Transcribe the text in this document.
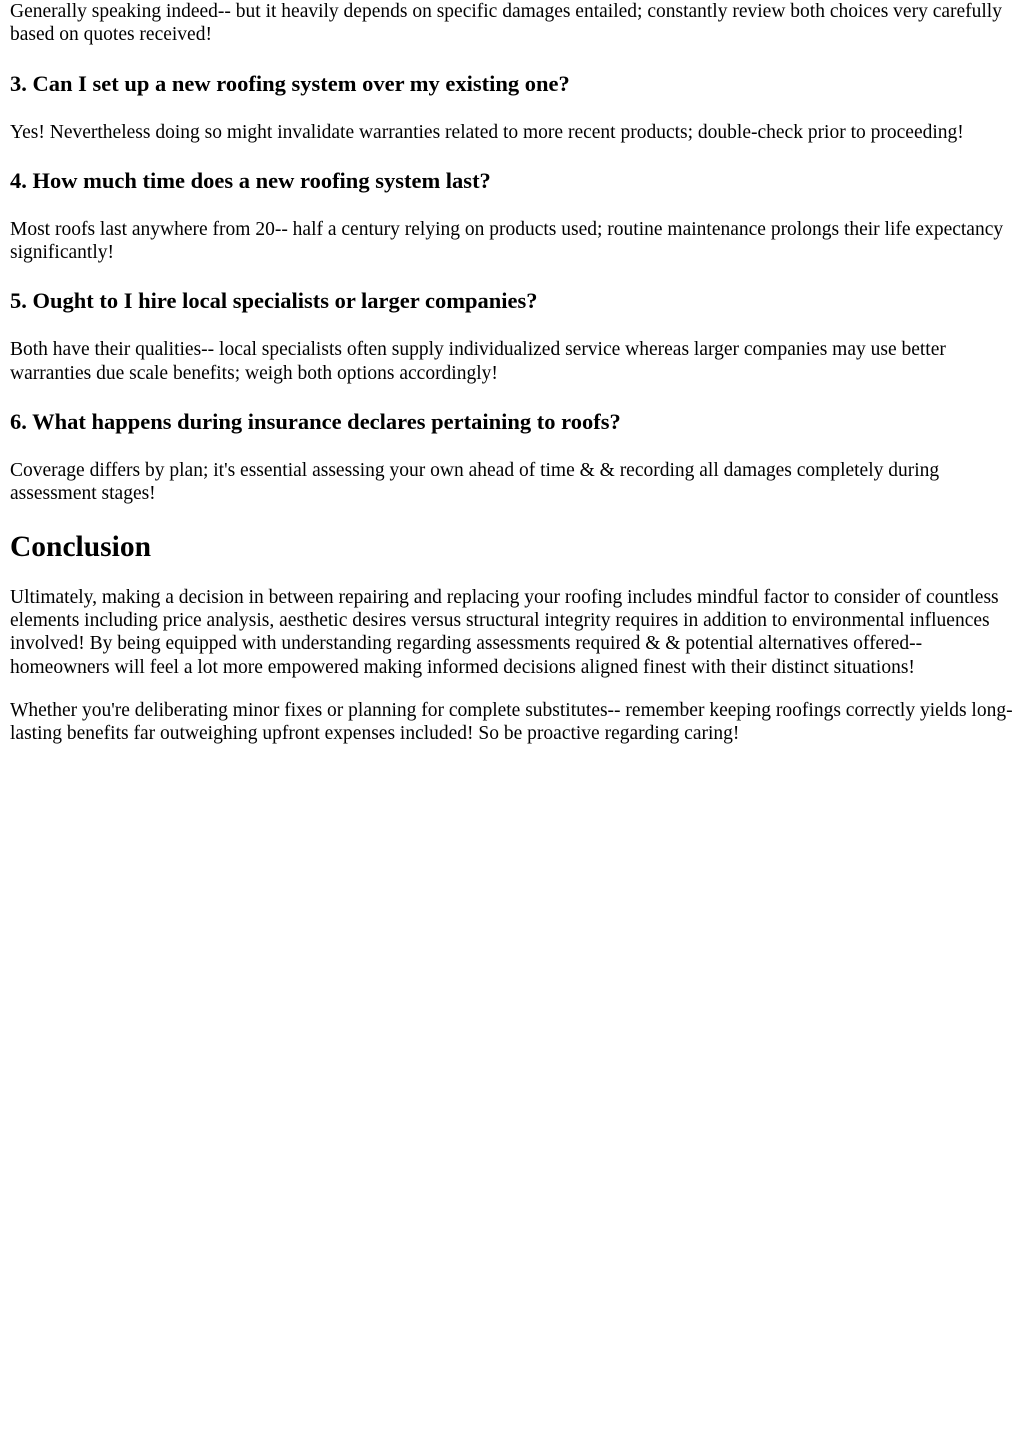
Generally speaking indeed-- but it heavily depends on specific damages entailed; constantly review both choices very carefully based on quotes received!

3. Can I set up a new roofing system over my existing one?

Yes! Nevertheless doing so might invalidate warranties related to more recent products; double-check prior to proceeding!

4. How much time does a new roofing system last?

Most roofs last anywhere from 20-- half a century relying on products used; routine maintenance prolongs their life expectancy significantly!

5. Ought to I hire local specialists or larger companies?

Both have their qualities-- local specialists often supply individualized service whereas larger companies may use better warranties due scale benefits; weigh both options accordingly!

6. What happens during insurance declares pertaining to roofs?

Coverage differs by plan; it's essential assessing your own ahead of time & & recording all damages completely during assessment stages!

Conclusion

Ultimately, making a decision in between repairing and replacing your roofing includes mindful factor to consider of countless elements including price analysis, aesthetic desires versus structural integrity requires in addition to environmental influences involved! By being equipped with understanding regarding assessments required & & potential alternatives offered-- homeowners will feel a lot more empowered making informed decisions aligned finest with their distinct situations!

Whether you're deliberating minor fixes or planning for complete substitutes-- remember keeping roofings correctly yields long-lasting benefits far outweighing upfront expenses included! So be proactive regarding caring!
